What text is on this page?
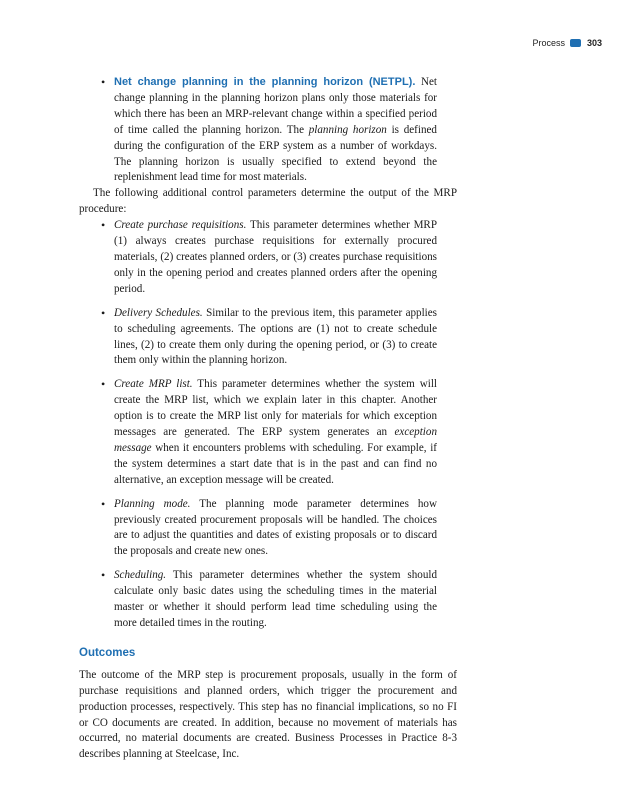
Process 303
• Net change planning in the planning horizon (NETPL). Net change planning in the planning horizon plans only those materials for which there has been an MRP-relevant change within a specified period of time called the planning horizon. The planning horizon is defined during the configuration of the ERP system as a number of workdays. The planning horizon is usually specified to extend beyond the replenishment lead time for most materials.

The following additional control parameters determine the output of the MRP procedure:

• Create purchase requisitions. This parameter determines whether MRP (1) always creates purchase requisitions for externally procured materials, (2) creates planned orders, or (3) creates purchase requisitions only in the opening period and creates planned orders after the opening period.
• Delivery Schedules. Similar to the previous item, this parameter applies to scheduling agreements. The options are (1) not to create schedule lines, (2) to create them only during the opening period, or (3) to create them only within the planning horizon.
• Create MRP list. This parameter determines whether the system will create the MRP list, which we explain later in this chapter. Another option is to create the MRP list only for materials for which exception messages are generated. The ERP system generates an exception message when it encounters problems with scheduling. For example, if the system determines a start date that is in the past and can find no alternative, an exception message will be created.
• Planning mode. The planning mode parameter determines how previously created procurement proposals will be handled. The choices are to adjust the quantities and dates of existing proposals or to discard the proposals and create new ones.
• Scheduling. This parameter determines whether the system should calculate only basic dates using the scheduling times in the material master or whether it should perform lead time scheduling using the more detailed times in the routing.
Outcomes

The outcome of the MRP step is procurement proposals, usually in the form of purchase requisitions and planned orders, which trigger the procurement and production processes, respectively. This step has no financial implications, so no FI or CO documents are created. In addition, because no movement of materials has occurred, no material documents are created. Business Processes in Practice 8-3 describes planning at Steelcase, Inc.
